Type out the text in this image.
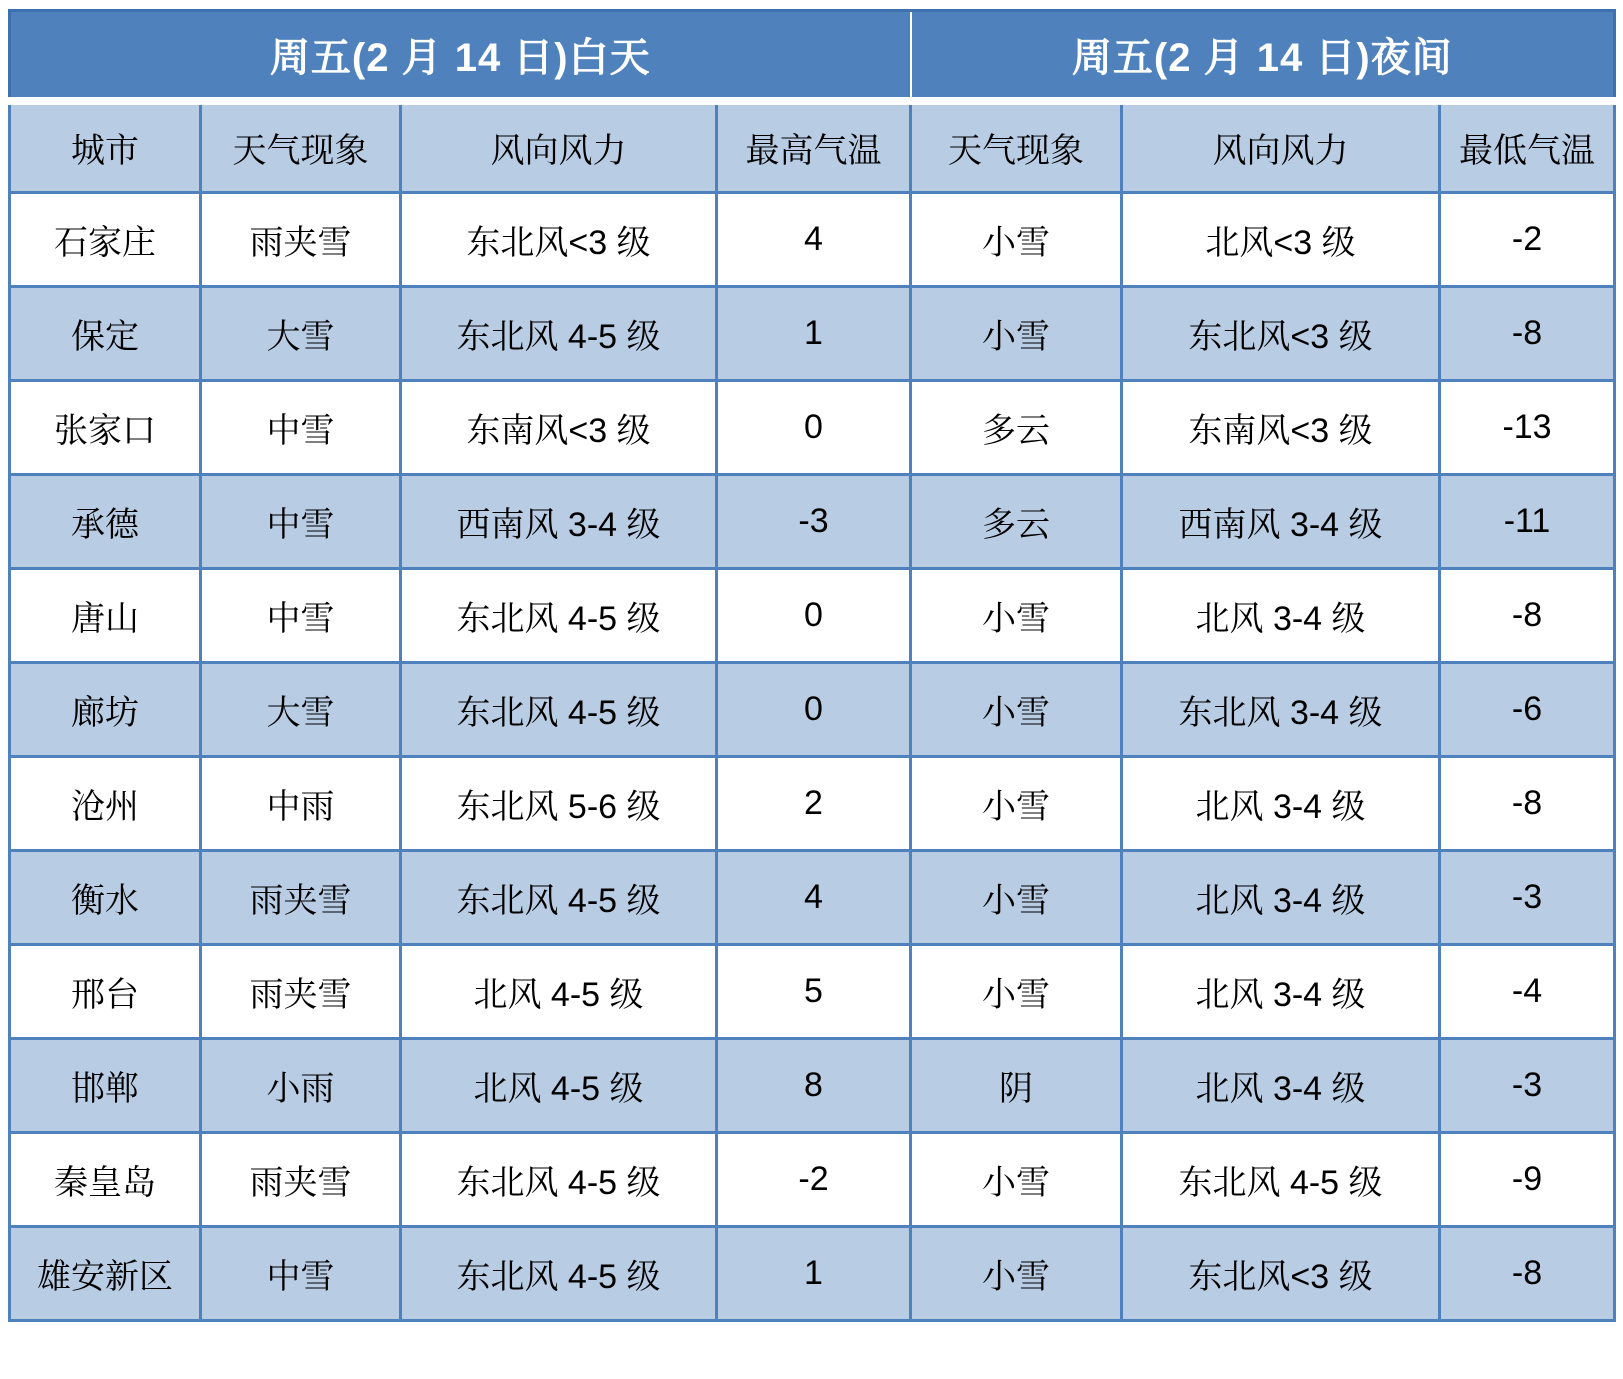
周五(2 月 14 日)白天				周五(2 月 14 日)夜间		
城市	天气现象	风向风力	最高气温	天气现象	风向风力	最低气温
石家庄	雨夹雪	东北风<3 级	4	小雪	北风<3 级	-2
保定	大雪	东北风 4-5 级	1	小雪	东北风<3 级	-8
张家口	中雪	东南风<3 级	0	多云	东南风<3 级	-13
承德	中雪	西南风 3-4 级	-3	多云	西南风 3-4 级	-11
唐山	中雪	东北风 4-5 级	0	小雪	北风 3-4 级	-8
廊坊	大雪	东北风 4-5 级	0	小雪	东北风 3-4 级	-6
沧州	中雨	东北风 5-6 级	2	小雪	北风 3-4 级	-8
衡水	雨夹雪	东北风 4-5 级	4	小雪	北风 3-4 级	-3
邢台	雨夹雪	北风 4-5 级	5	小雪	北风 3-4 级	-4
邯郸	小雨	北风 4-5 级	8	阴	北风 3-4 级	-3
秦皇岛	雨夹雪	东北风 4-5 级	-2	小雪	东北风 4-5 级	-9
雄安新区	中雪	东北风 4-5 级	1	小雪	东北风<3 级	-8
